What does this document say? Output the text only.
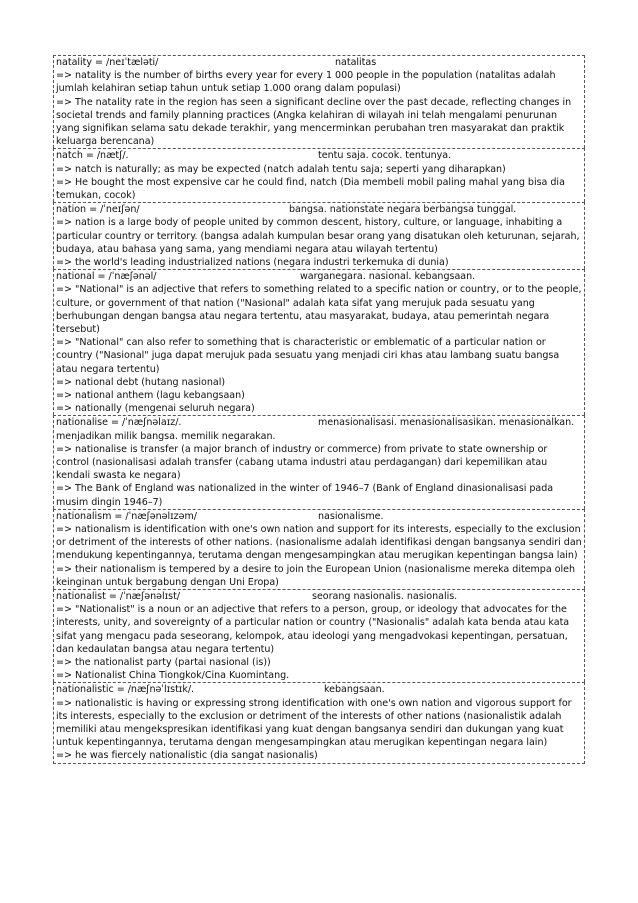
natality = /neɪˈtæləti/	natalitas
=> natality is the number of births every year for every 1 000 people in the population (natalitas adalah jumlah kelahiran setiap tahun untuk setiap 1.000 orang dalam populasi)
=> The natality rate in the region has seen a significant decline over the past decade, reflecting changes in societal trends and family planning practices (Angka kelahiran di wilayah ini telah mengalami penurunan yang signifikan selama satu dekade terakhir, yang mencerminkan perubahan tren masyarakat dan praktik keluarga berencana)
natch = /nætʃ/.	tentu saja. cocok. tentunya.
=> natch is naturally; as may be expected (natch adalah tentu saja; seperti yang diharapkan)
=> He bought the most expensive car he could find, natch (Dia membeli mobil paling mahal yang bisa dia temukan, cocok)
nation = /ˈneɪʃən/	bangsa. nationstate negara berbangsa tunggal.
=> nation is a large body of people united by common descent, history, culture, or language, inhabiting a particular country or territory. (bangsa adalah kumpulan besar orang yang disatukan oleh keturunan, sejarah, budaya, atau bahasa yang sama, yang mendiami negara atau wilayah tertentu)
=> the world's leading industrialized nations (negara industri terkemuka di dunia)
national = /ˈnæʃənəl/	warganegara. nasional. kebangsaan.
=> "National" is an adjective that refers to something related to a specific nation or country, or to the people, culture, or government of that nation ("Nasional" adalah kata sifat yang merujuk pada sesuatu yang berhubungan dengan bangsa atau negara tertentu, atau masyarakat, budaya, atau pemerintah negara tersebut)
=> "National" can also refer to something that is characteristic or emblematic of a particular nation or country ("Nasional" juga dapat merujuk pada sesuatu yang menjadi ciri khas atau lambang suatu bangsa atau negara tertentu)
=> national debt (hutang nasional)
=> national anthem (lagu kebangsaan)
=> nationally (mengenai seluruh negara)
nationalise = /ˈnæʃnəlaɪz/.	menasionalisasi. menasionalisasikan. menasionalkan. menjadikan milik bangsa. memilik negarakan.
=> nationalise is transfer (a major branch of industry or commerce) from private to state ownership or control (nasionalisasi adalah transfer (cabang utama industri atau perdagangan) dari kepemilikan atau kendali swasta ke negara)
=> The Bank of England was nationalized in the winter of 1946–7 (Bank of England dinasionalisasi pada musim dingin 1946–7)
nationalism = /ˈnæʃənəlɪzəm/	nasionalisme.
=> nationalism is identification with one's own nation and support for its interests, especially to the exclusion or detriment of the interests of other nations. (nasionalisme adalah identifikasi dengan bangsanya sendiri dan mendukung kepentingannya, terutama dengan mengesampingkan atau merugikan kepentingan bangsa lain)
=> their nationalism is tempered by a desire to join the European Union (nasionalisme mereka ditempa oleh keinginan untuk bergabung dengan Uni Eropa)
nationalist = /ˈnæʃənəlɪst/	seorang nasionalis. nasionalis.
=> "Nationalist" is a noun or an adjective that refers to a person, group, or ideology that advocates for the interests, unity, and sovereignty of a particular nation or country ("Nasionalis" adalah kata benda atau kata sifat yang mengacu pada seseorang, kelompok, atau ideologi yang mengadvokasi kepentingan, persatuan, dan kedaulatan bangsa atau negara tertentu)
=> the nationalist party (partai nasional (is))
=> Nationalist China Tiongkok/Cina Kuomintang.
nationalistic = /næʃnəˈlɪstɪk/.	kebangsaan.
=> nationalistic is having or expressing strong identification with one's own nation and vigorous support for its interests, especially to the exclusion or detriment of the interests of other nations (nasionalistik adalah memiliki atau mengekspresikan identifikasi yang kuat dengan bangsanya sendiri dan dukungan yang kuat untuk kepentingannya, terutama dengan mengesampingkan atau merugikan kepentingan negara lain)
=> he was fiercely nationalistic (dia sangat nasionalis)
